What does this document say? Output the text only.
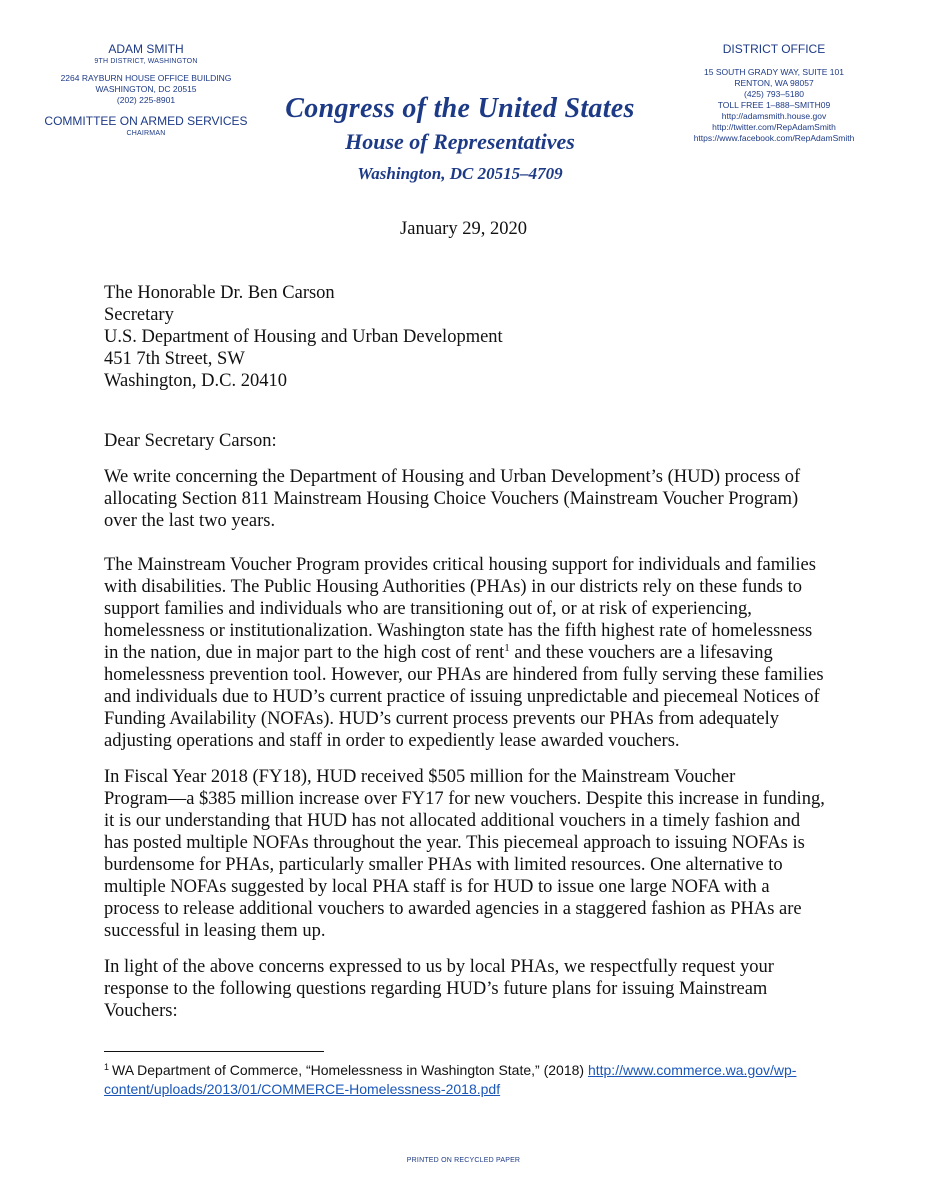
ADAM SMITH
9TH DISTRICT, WASHINGTON
2264 RAYBURN HOUSE OFFICE BUILDING
WASHINGTON, DC 20515
(202) 225-8901
COMMITTEE ON ARMED SERVICES
CHAIRMAN
Congress of the United States
House of Representatives
Washington, DC 20515–4709
DISTRICT OFFICE
15 SOUTH GRADY WAY, SUITE 101
RENTON, WA 98057
(425) 793–5180
TOLL FREE 1–888–SMITH09
http://adamsmith.house.gov
http://twitter.com/RepAdamSmith
https://www.facebook.com/RepAdamSmith
January 29, 2020
The Honorable Dr. Ben Carson
Secretary
U.S. Department of Housing and Urban Development
451 7th Street, SW
Washington, D.C. 20410
Dear Secretary Carson:
We write concerning the Department of Housing and Urban Development’s (HUD) process of
allocating Section 811 Mainstream Housing Choice Vouchers (Mainstream Voucher Program)
over the last two years.
The Mainstream Voucher Program provides critical housing support for individuals and families
with disabilities. The Public Housing Authorities (PHAs) in our districts rely on these funds to
support families and individuals who are transitioning out of, or at risk of experiencing,
homelessness or institutionalization. Washington state has the fifth highest rate of homelessness
in the nation, due in major part to the high cost of rent$^1$ and these vouchers are a lifesaving
homelessness prevention tool. However, our PHAs are hindered from fully serving these families
and individuals due to HUD’s current practice of issuing unpredictable and piecemeal Notices of
Funding Availability (NOFAs). HUD’s current process prevents our PHAs from adequately
adjusting operations and staff in order to expediently lease awarded vouchers.
In Fiscal Year 2018 (FY18), HUD received $505 million for the Mainstream Voucher
Program—a $385 million increase over FY17 for new vouchers. Despite this increase in funding,
it is our understanding that HUD has not allocated additional vouchers in a timely fashion and
has posted multiple NOFAs throughout the year. This piecemeal approach to issuing NOFAs is
burdensome for PHAs, particularly smaller PHAs with limited resources. One alternative to
multiple NOFAs suggested by local PHA staff is for HUD to issue one large NOFA with a
process to release additional vouchers to awarded agencies in a staggered fashion as PHAs are
successful in leasing them up.
In light of the above concerns expressed to us by local PHAs, we respectfully request your
response to the following questions regarding HUD’s future plans for issuing Mainstream
Vouchers:
$^1$ WA Department of Commerce, “Homelessness in Washington State,” (2018) http://www.commerce.wa.gov/wp-
content/uploads/2013/01/COMMERCE-Homelessness-2018.pdf
PRINTED ON RECYCLED PAPER
